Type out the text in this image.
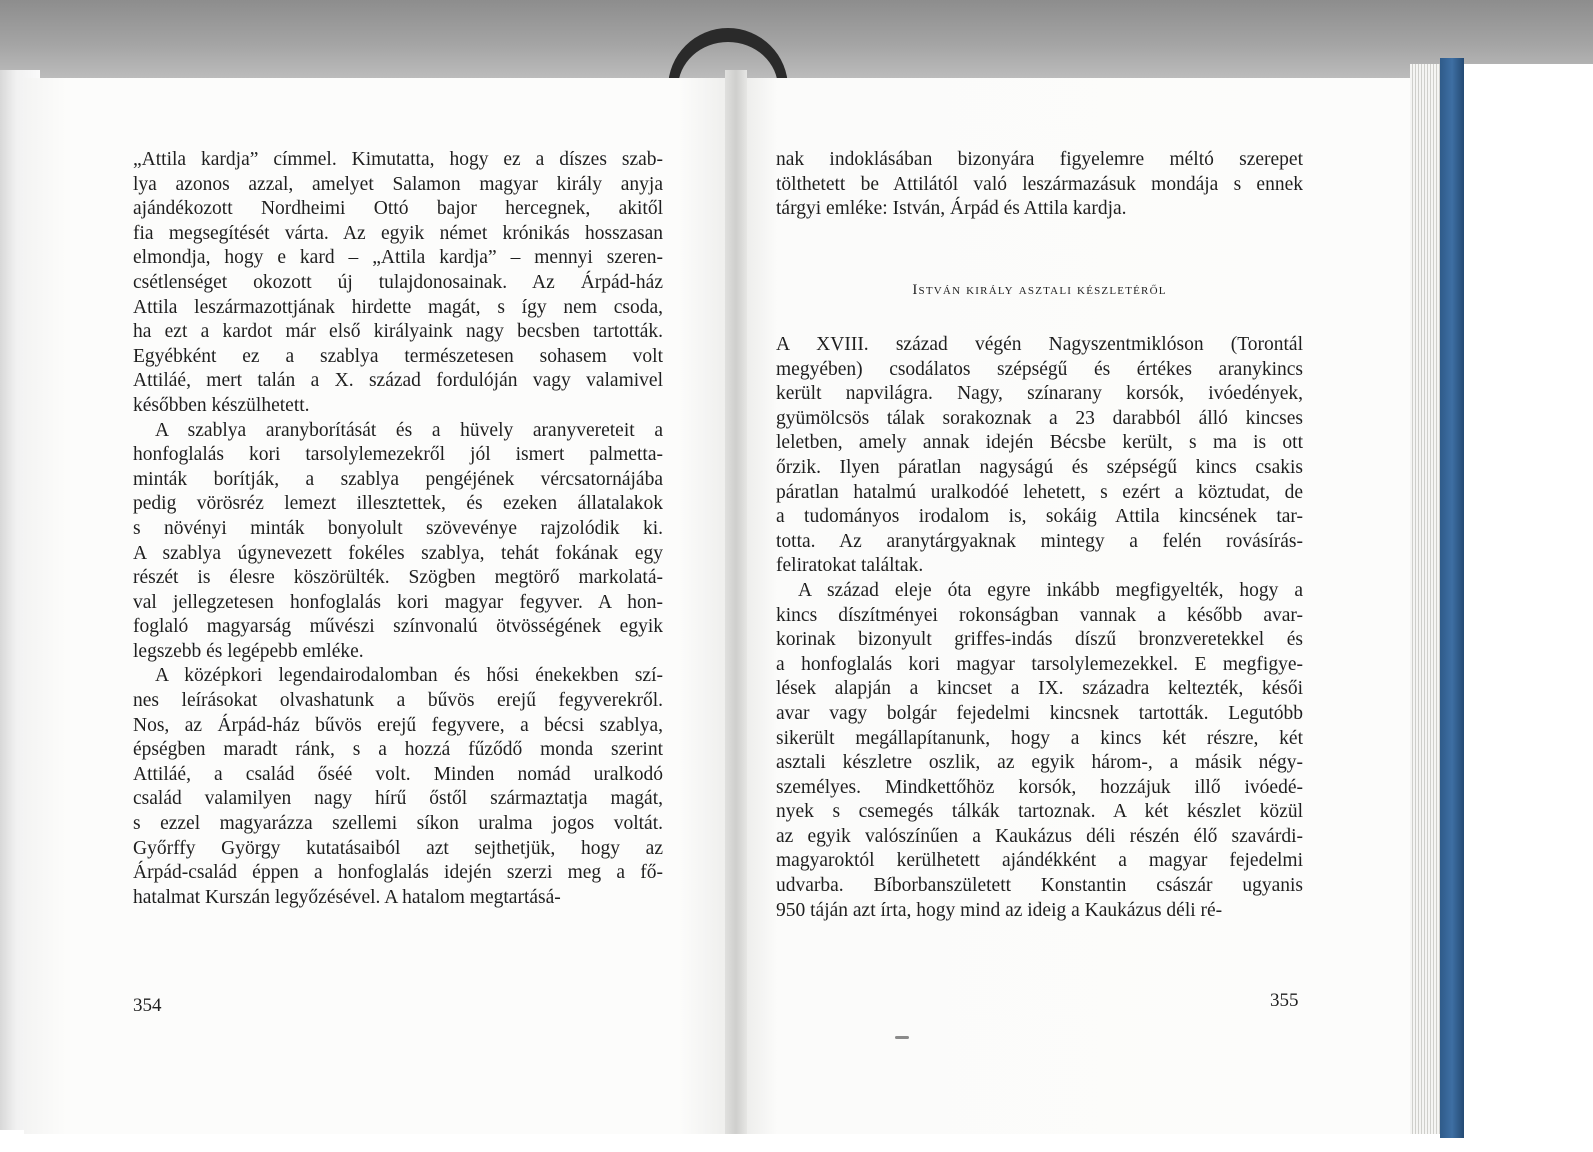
„Attila kardja” címmel. Kimutatta, hogy ez a díszes szab-
lya azonos azzal, amelyet Salamon magyar király anyja
ajándékozott Nordheimi Ottó bajor hercegnek, akitől
fia megsegítését várta. Az egyik német krónikás hosszasan
elmondja, hogy e kard – „Attila kardja” – mennyi szeren-
csétlenséget okozott új tulajdonosainak. Az Árpád-ház
Attila leszármazottjának hirdette magát, s így nem csoda,
ha ezt a kardot már első királyaink nagy becsben tartották.
Egyébként ez a szablya természetesen sohasem volt
Attiláé, mert talán a X. század fordulóján vagy valamivel
későbben készülhetett.

A szablya aranyborítását és a hüvely aranyvereteit a
honfoglalás kori tarsolylemezekről jól ismert palmetta-
minták borítják, a szablya pengéjének vércsatornájába
pedig vörösréz lemezt illesztettek, és ezeken állatalakok
s növényi minták bonyolult szövevénye rajzolódik ki.
A szablya úgynevezett fokéles szablya, tehát fokának egy
részét is élesre köszörülték. Szögben megtörő markolatá-
val jellegzetesen honfoglalás kori magyar fegyver. A hon-
foglaló magyarság művészi színvonalú ötvösségének egyik
legszebb és legépebb emléke.

A középkori legendairodalomban és hősi énekekben szí-
nes leírásokat olvashatunk a bűvös erejű fegyverekről.
Nos, az Árpád-ház bűvös erejű fegyvere, a bécsi szablya,
épségben maradt ránk, s a hozzá fűződő monda szerint
Attiláé, a család őséé volt. Minden nomád uralkodó
család valamilyen nagy hírű őstől származtatja magát,
s ezzel magyarázza szellemi síkon uralma jogos voltát.
Győrffy György kutatásaiból azt sejthetjük, hogy az
Árpád-család éppen a honfoglalás idején szerzi meg a fő-
hatalmat Kurszán legyőzésével. A hatalom megtartásá-

nak indoklásában bizonyára figyelemre méltó szerepet
tölthetett be Attilától való leszármazásuk mondája s ennek
tárgyi emléke: István, Árpád és Attila kardja.

István király asztali készletéről

A XVIII. század végén Nagyszentmiklóson (Torontál
megyében) csodálatos szépségű és értékes aranykincs
került napvilágra. Nagy, színarany korsók, ivóedények,
gyümölcsös tálak sorakoznak a 23 darabból álló kincses
leletben, amely annak idején Bécsbe került, s ma is ott
őrzik. Ilyen páratlan nagyságú és szépségű kincs csakis
páratlan hatalmú uralkodóé lehetett, s ezért a köztudat, de
a tudományos irodalom is, sokáig Attila kincsének tar-
totta. Az aranytárgyaknak mintegy a felén rovásírás-
feliratokat találtak.

A század eleje óta egyre inkább megfigyelték, hogy a
kincs díszítményei rokonságban vannak a később avar-
korinak bizonyult griffes-indás díszű bronzveretekkel és
a honfoglalás kori magyar tarsolylemezekkel. E megfigye-
lések alapján a kincset a IX. századra keltezték, késői
avar vagy bolgár fejedelmi kincsnek tartották. Legutóbb
sikerült megállapítanunk, hogy a kincs két részre, két
asztali készletre oszlik, az egyik három-, a másik négy-
személyes. Mindkettőhöz korsók, hozzájuk illő ivóedé-
nyek s csemegés tálkák tartoznak. A két készlet közül
az egyik valószínűen a Kaukázus déli részén élő szavárdi-
magyaroktól kerülhetett ajándékként a magyar fejedelmi
udvarba. Bíborbanszületett Konstantin császár ugyanis
950 táján azt írta, hogy mind az ideig a Kaukázus déli ré-

354	355
